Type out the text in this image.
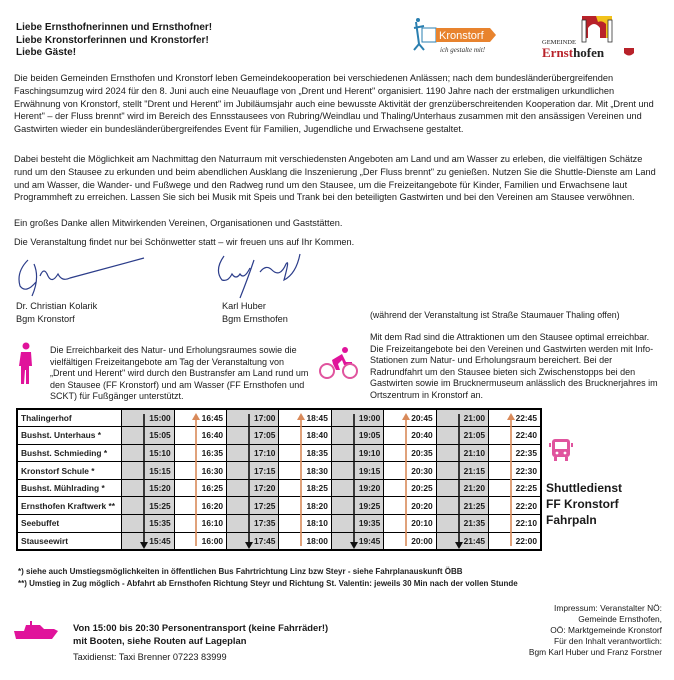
Liebe Ernsthofnerinnen und Ernsthofner!
Liebe Kronstorferinnen und Kronstorfer!
Liebe Gäste!
Kronstorf
ich gestalte mit!
GEMEINDE
Ernsthofen
Die beiden Gemeinden Ernsthofen und Kronstorf leben Gemeindekooperation bei verschiedenen Anlässen; nach dem bundesländerübergreifenden Faschingsumzug wird 2024 für den 8. Juni auch eine Neuauflage von „Drent und Herent" organisiert. 1190 Jahre nach der erstmaligen urkundlichen Erwähnung von Kronstorf, stellt "Drent und Herent" im Jubiläumsjahr auch eine bewusste Aktivität der grenzüberschreitenden Kooperation dar. Mit „Drent und Herent" – der Fluss brennt" wird im Bereich des Ennsstausees von Rubring/Weindlau und Thaling/Unterhaus zusammen mit den ansässigen Vereinen und Gastwirten wieder ein bundesländerübergreifendes Event für Familien, Jugendliche und Erwachsene gestaltet.
Dabei besteht die Möglichkeit am Nachmittag den Naturraum mit verschiedensten Angeboten am Land und am Wasser zu erleben, die vielfältigen Schätze rund um den Stausee zu erkunden und beim abendlichen Ausklang die Inszenierung „Der Fluss brennt" zu genießen. Nutzen Sie die Shuttle-Dienste am Land und am Wasser, die Wander- und Fußwege und den Radweg rund um den Stausee, um die Freizeitangebote für Kinder, Familien und Erwachsene laut Programmheft zu erreichen. Lassen Sie sich bei Musik mit Speis und Trank bei den beteiligten Gastwirten und bei den Vereinen am Stausee verwöhnen.
Ein großes Danke allen Mitwirkenden Vereinen, Organisationen und Gaststätten.
Die Veranstaltung findet nur bei Schönwetter statt – wir freuen uns auf Ihr Kommen.
Dr. Christian Kolarik
Bgm Kronstorf
Karl Huber
Bgm Ernsthofen	(während der Veranstaltung ist Straße Staumauer Thaling offen)
Die Erreichbarkeit des Natur- und Erholungsraumes sowie die vielfältigen Freizeitangebote am Tag der Veranstaltung von „Drent und Herent" wird durch den Bustransfer am Land rund um den Stausee (FF Kronstorf) und am Wasser (FF Ernsthofen und SCKT) für Fußgänger unterstützt.
Mit dem Rad sind die Attraktionen um den Stausee optimal erreichbar. Die Freizeitangebote bei den Vereinen und Gastwirten werden mit Info-Stationen zum Natur- und Erholungsraum bereichert. Bei der Radrundfahrt um den Stausee bieten sich Zwischenstopps bei den Gastwirten sowie im Brucknermuseum anlässlich des Brucknerjahres im Ortszentrum in Kronstorf an.
Thalingerhof	15:00	16:45	17:00	18:45	19:00	20:45	21:00	22:45
Bushst. Unterhaus *	15:05	16:40	17:05	18:40	19:05	20:40	21:05	22:40
Bushst. Schmieding *	15:10	16:35	17:10	18:35	19:10	20:35	21:10	22:35
Kronstorf Schule *	15:15	16:30	17:15	18:30	19:15	20:30	21:15	22:30
Bushst. Mühlrading *	15:20	16:25	17:20	18:25	19:20	20:25	21:20	22:25
Ernsthofen Kraftwerk **	15:25	16:20	17:25	18:20	19:25	20:20	21:25	22:20
Seebuffet	15:35	16:10	17:35	18:10	19:35	20:10	21:35	22:10
Stauseewirt	15:45	16:00	17:45	18:00	19:45	20:00	21:45	22:00
Shuttledienst
FF Kronstorf
Fahrpaln
*) siehe auch Umstiegsmöglichkeiten in öffentlichen Bus Fahrtrichtung Linz bzw Steyr - siehe Fahrplanauskunft ÖBB
**) Umstieg in Zug möglich - Abfahrt ab Ernsthofen Richtung Steyr und Richtung St. Valentin: jeweils 30 Min nach der vollen Stunde
Von 15:00 bis 20:30 Personentransport (keine Fahrräder!)
mit Booten, siehe Routen auf Lageplan
Taxidienst: Taxi Brenner 07223 83999
Impressum: Veranstalter NÖ:
Gemeinde Ernsthofen,
OÖ: Marktgemeinde Kronstorf
Für den Inhalt verantwortlich:
Bgm Karl Huber und Franz Forstner
